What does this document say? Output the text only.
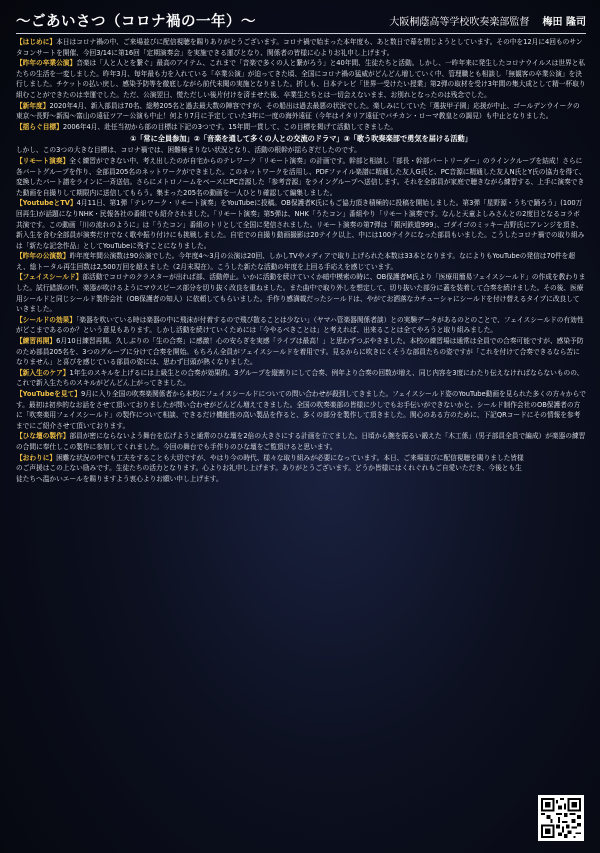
～ごあいさつ（コロナ禍の一年）～	大阪桐蔭高等学校吹奏楽部監督 梅田 隆司

【はじめに】本日はコロナ禍の中、ご来場並びに配信視聴を賜りありがとうございます。コロナ禍で始まった本年度も、あと数日で幕を閉じようとしています。その中を12月に4回ものサンタコンサートを開催、今回3/14に第16回「定期演奏会」を実施できる運びとなり、関係者の皆様に心よりお礼申し上げます。

【昨年の卒業公演】音楽は「人と人とを繋ぐ」最高のアイテム、これまで「音楽で多くの人と繋がろう」と40年間、生徒たちと活動。しかし、一昨年来に発生したコロナウイルスは世界と私たちの生活を一変しました。昨年3月、毎年最も力を入れている「卒業公演」が迫ってきた頃、全国にコロナ禍の猛威がどんどん増していく中、管理職とも相談し「無観客の卒業公演」を決行しました。チケットの払い戻し、感染予防等を徹底しながら前代未聞の実施となりました。折しも、日本テレビ「世界一受けたい授業」第2弾の取材を受け3年間の集大成として精一杯取り組むことができたのは幸運でした。ただ、公演翌日、慌ただしい後片付けを済ませた後、卒業生たちとは一切会えないまま、お別れとなったのは残念でした。

【新年度】2020年4月、新入部員は70名、総勢205名と過去最大数の陣容ですが、その船出は過去最悪の状況でした。楽しみにしていた「選抜甲子園」応援が中止、ゴールデンウイークの東京～長野～新潟～富山の遠征ツアー公演も中止！何より7月に予定していた3年に一度の海外遠征（今年はイタリア遠征でバチカン・ローマ教皇との謁見）も中止となりました。

【揺らぐ目標】2006年4月、赴任当初から部の目標は下記の3つです。15年間一貫して、この目標を掲げて活動してきました。

①「常に全員参加」②「音楽を通して多くの人との交流のドラマ」③「歌う吹奏楽部で勇気を届ける活動」

しかし、この3つの大きな目標は、コロナ禍では、困難極まりない状況となり、活動の根幹が揺らぎだしたのです。

【リモート演奏】全く練習ができない中、考え出したのが自宅からのテレワーク「リモート演奏」の計画です。幹部と相談し「部長・幹部パートリーダー」のラインクループを結成！さらに各パートグループを作り、全部員205名のネットワークができました。このネットワークを活用し、PDFファイル楽譜に精通した友人G氏と、PC音源に精通した友人N氏とY氏の協力を得て、変換したパート譜をラインに一斉送信。さらにメトロノームをベースにPC音源した「参考音源」をライングループへ送信します。それを全部員が家庭で聴きながら練習する、上手に演奏できた動画を自撮りして期限内に送信してもらう。集まった205名の動画を一人ひとり確認して編集しました。

【YoutubeとTV】4月11日、第1弾「テレワーク・リモート演奏」をYouTubeに投稿。OB保護者K氏にもご協力頂き積極的に投稿を開始しました。第3弾「星野源・うちで踊ろう」(100万回再生)が話題になりNHK・民報各社の番組でも紹介されました。「リモート演奏」第5弾は、NHK「うたコン」番組やり「リモート演奏です。なんと天童よしみさんとの2度目となるコラボ共演です。この動画「川の流れのように」は「うたコン」番組のトリとして全国に発信されました。リモート演奏の第7弾は「銀河鉄道999」、ゴダイゴのミッキー吉野氏にアレンジを頂き、新入生を含む全部員が演奏だけでなく歌や振り付けにも挑戦しました。自宅での自撮り動画撮影は20テイク以上、中には100テイクになった部員もいました。こうしたコロナ禍での取り組みは「新たな記念作品」としてYouTubeに残すことになりました。

【昨年の公演数】昨年度年間公演数は90公演でした。今年度4～3月の公演は20回、しかしTVやメディアで取り上げられた本数は33本となります。なによりもYouTubeの発信は70件を超え、総トータル再生回数は2,500万回を超えました（2月末現在）。こうした新たな活動の年度を上回る手応えを感じています。

【フェイスシールド】部活動でコロナのクラスターが出れば部、活動停止。いかに活動を続けていくか暗中模索の時に、OB保護者M氏より「医療用簡易フェイスシールド」の作成を教わりました。試行錯誤の中、楽器が吹けるようにマウスピース部分を切り抜く改良を重ねました。また曲中で取り外しを想定して、切り抜いた部分に蓋を装着して合奏を続けました。その後、医療用シールドと同じシールド製作会社（OB保護者の知人）に依頼してもらいました。手作り感満載だったシールドは、やがてお洒落なカチューシャにシールドを付け替えるタイプに改良していきました。

【シールドの効果】「楽器を吹いている時は楽器の中に飛沫が付着するので飛び散ることは少ない」（ヤマハ管楽器関係者談）との実験データがあるのとのことで、フェイスシールドの有効性がどこまであるのか？という意見もあります。しかし活動を続けていくためには「今やるべきことは」と考えれば、出来ることは全てやろうと取り組みました。

【練習再開】6月10日練習再開。久しぶりの「生の合奏」に感激！心の安らぎを実感「ライブは最高！」と思わずつぶやきました。本校の練習場は通常は全員での合奏可能ですが、感染予防のため部員205名を、3つのグループに分けて合奏を開始。もちろん全員がフェイスシールドを着用です。見るからに吹きにくそうな部員たちの姿ですが「これを付けて合奏できるなら苦になりません」と喜びを感じている部員の姿には、思わず目頭が熱くなりました。

【新入生のケア】1年生のスキルを上げるには上級生との合奏が効果的。3グループを縦割りにして合奏、例年より合奏の回数が増え、同じ内容を3度にわたり伝えなければならないものの、これで新入生たちのスキルがどんどん上がってきました。

【YouTubeを見て】9月に入り全国の吹奏楽関係者から本校にフェイスシールドについての問い合わせが殺到してきました。フェイスシールド姿のYouTube動画を見られた多くの方々からです。最初は初歩的なお話をさせて頂いておりましたが問い合わせがどんどん増えてきました。全国の吹奏楽部の皆様に少しでもお手伝いができないかと、シールド制作会社のOB保護者の方に「吹奏楽用フェイスシールド」の製作について相談、できるだけ機能性の高い製品を作ると、多くの部分を製作して頂きました。関心のある方のために、下記QRコードにその情報を参考までにご紹介させて頂いております。

【ひな壇の製作】部員が密にならないよう舞台を広げようと通常のひな壇を2倍の大きさにする計画を立てました。日頃から腕を振るい鍛えた「木工係」（男子部員全員で編成）が楽器の練習の合間に奉仕しこの製作に参加してくれました。今回の舞台でも手作りのひな壇をご覧頂けると思います。

【おわりに】困難な状況の中でも工夫をすることも大切ですが、やはり今の時代、様々な取り組みが必要になっています。本日、ご来場並びに配信視聴を賜りました皆様のご声援はこの上ない励みです。生徒たちの活力となります。心よりお礼申し上げます。ありがとうございます。どうか皆様にはくれぐれもご自愛いただき、今後とも生徒たちへ温かいエールを賜りますよう衷心よりお願い申し上げます。
